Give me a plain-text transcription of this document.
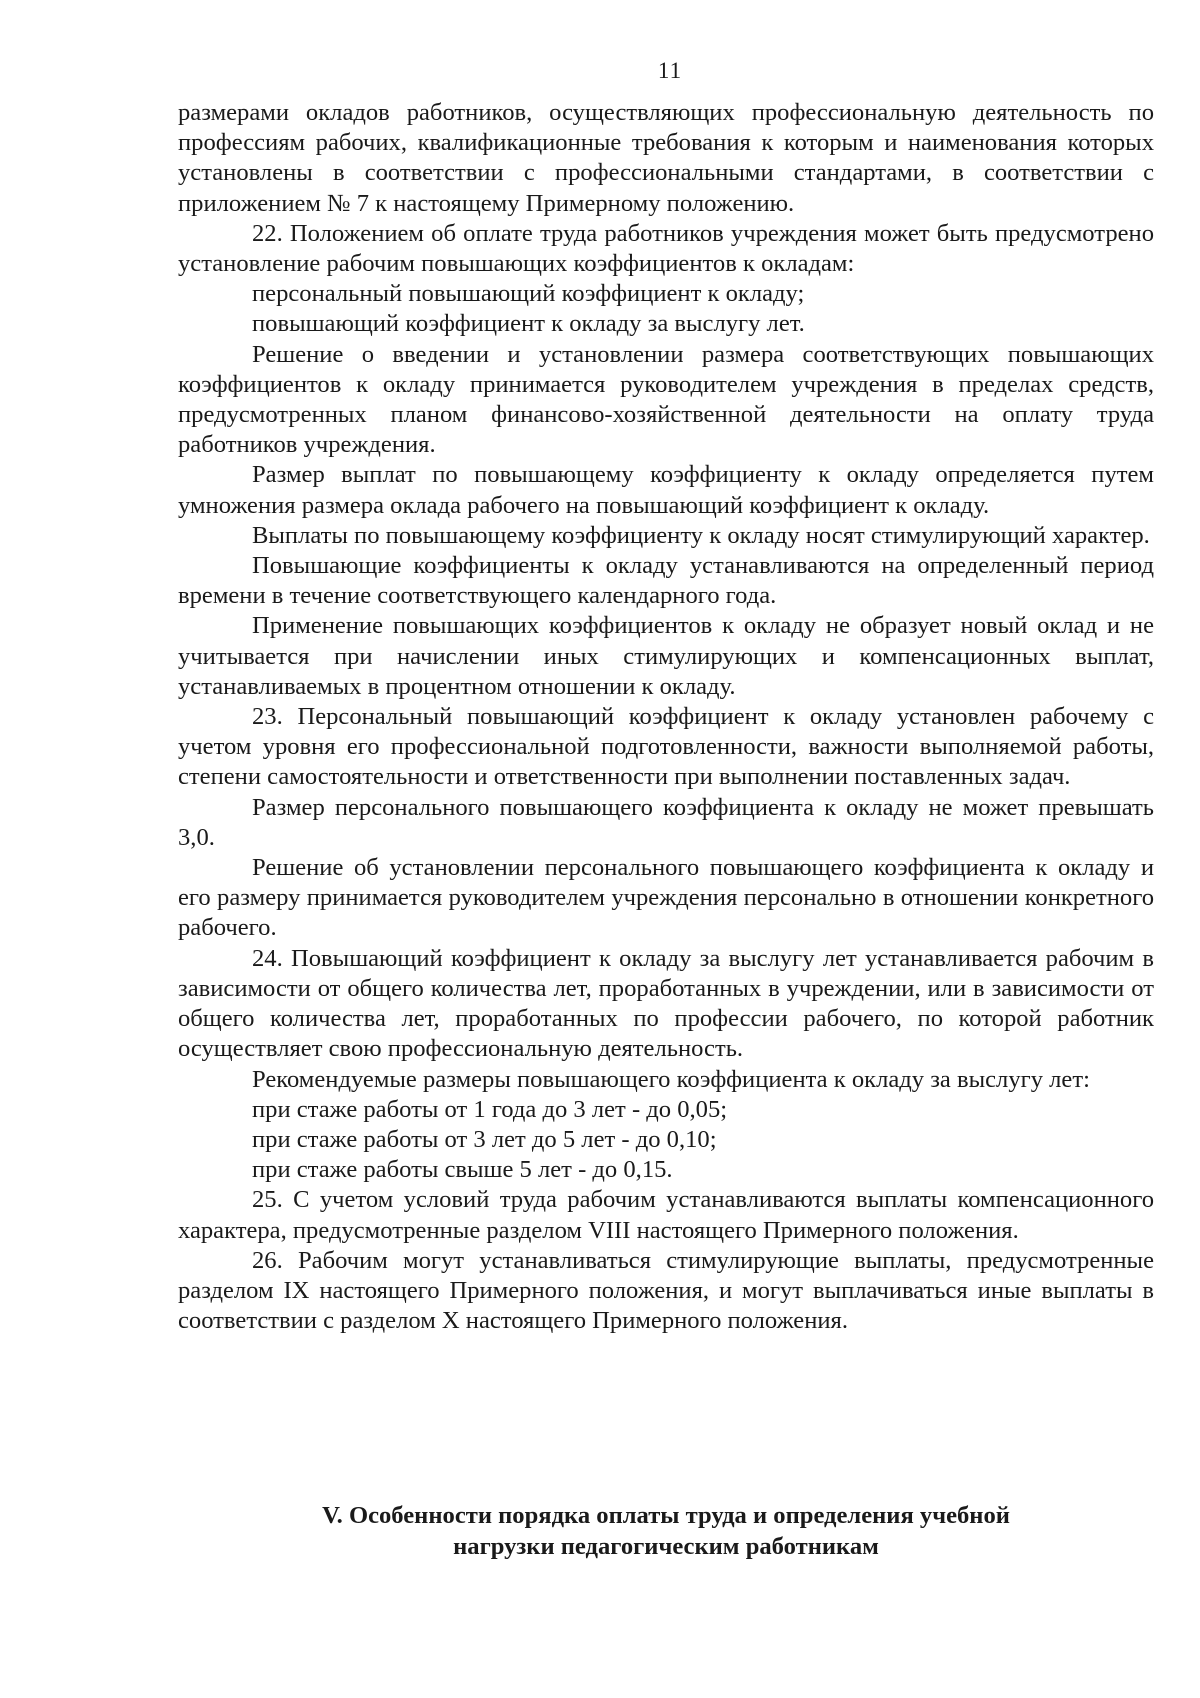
11

размерами окладов работников, осуществляющих профессиональную деятельность по профессиям рабочих, квалификационные требования к которым и наименования которых установлены в соответствии с профессиональными стандартами, в соответствии с приложением № 7 к настоящему Примерному положению.

22. Положением об оплате труда работников учреждения может быть предусмотрено установление рабочим повышающих коэффициентов к окладам:

персональный повышающий коэффициент к окладу;

повышающий коэффициент к окладу за выслугу лет.

Решение о введении и установлении размера соответствующих повышающих коэффициентов к окладу принимается руководителем учреждения в пределах средств, предусмотренных планом финансово-хозяйственной деятельности на оплату труда работников учреждения.

Размер выплат по повышающему коэффициенту к окладу определяется путем умножения размера оклада рабочего на повышающий коэффициент к окладу.

Выплаты по повышающему коэффициенту к окладу носят стимулирующий характер.

Повышающие коэффициенты к окладу устанавливаются на определенный период времени в течение соответствующего календарного года.

Применение повышающих коэффициентов к окладу не образует новый оклад и не учитывается при начислении иных стимулирующих и компенсационных выплат, устанавливаемых в процентном отношении к окладу.

23. Персональный повышающий коэффициент к окладу установлен рабочему с учетом уровня его профессиональной подготовленности, важности выполняемой работы, степени самостоятельности и ответственности при выполнении поставленных задач.

Размер персонального повышающего коэффициента к окладу не может превышать 3,0.

Решение об установлении персонального повышающего коэффициента к окладу и его размеру принимается руководителем учреждения персонально в отношении конкретного рабочего.

24. Повышающий коэффициент к окладу за выслугу лет устанавливается рабочим в зависимости от общего количества лет, проработанных в учреждении, или в зависимости от общего количества лет, проработанных по профессии рабочего, по которой работник осуществляет свою профессиональную деятельность.

Рекомендуемые размеры повышающего коэффициента к окладу за выслугу лет:

при стаже работы от 1 года до 3 лет - до 0,05;

при стаже работы от 3 лет до 5 лет - до 0,10;

при стаже работы свыше 5 лет - до 0,15.

25. С учетом условий труда рабочим устанавливаются выплаты компенсационного характера, предусмотренные разделом VIII настоящего Примерного положения.

26. Рабочим могут устанавливаться стимулирующие выплаты, предусмотренные разделом IX настоящего Примерного положения, и могут выплачиваться иные выплаты в соответствии с разделом X настоящего Примерного положения.

V. Особенности порядка оплаты труда и определения учебной
нагрузки педагогическим работникам
